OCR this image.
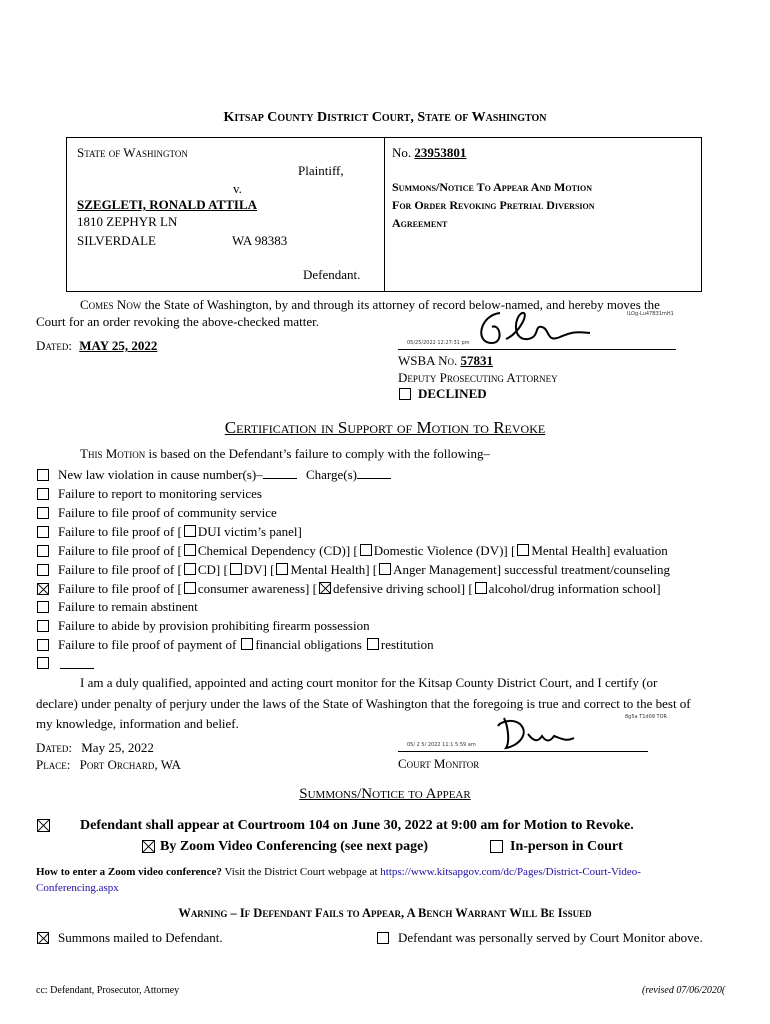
Kitsap County District Court, State of Washington
State of Washington
Plaintiff,
v.
SZEGLETI, RONALD ATTILA
1810 ZEPHYR LN
SILVERDALE	WA 98383
Defendant.
No. 23953801
Summons/Notice To Appear And Motion
For Order Revoking Pretrial Diversion
Agreement
Comes Now the State of Washington, by and through its attorney of record below-named, and hereby moves the
Court for an order revoking the above-checked matter.
Dated: MAY 25, 2022
ILOg-Lu47B31mH1
05/25/2022 12:27:31 pm
WSBA No. 57831
Deputy Prosecuting Attorney
DECLINED
Certification in Support of Motion to Revoke
This Motion is based on the Defendant’s failure to comply with the following–
New law violation in cause number(s)–	Charge(s)
Failure to report to monitoring services
Failure to file proof of community service
Failure to file proof of [ DUI victim’s panel]
Failure to file proof of [ Chemical Dependency (CD)] [ Domestic Violence (DV)] [ Mental Health] evaluation
Failure to file proof of [ CD] [ DV] [ Mental Health] [ Anger Management] successful treatment/counseling
Failure to file proof of [ consumer awareness] [ defensive driving school] [ alcohol/drug information school]
Failure to remain abstinent
Failure to abide by provision prohibiting firearm possession
Failure to file proof of payment of financial obligations restitution
I am a duly qualified, appointed and acting court monitor for the Kitsap County District Court, and I certify (or
declare) under penalty of perjury under the laws of the State of Washington that the foregoing is true and correct to the best of
my knowledge, information and belief.	8g5a T1d09 TOR
05/ 2 5/ 2022 11:1 5:59 am
Dated: May 25, 2022
Place: Port Orchard, WA	Court Monitor
Summons/Notice to Appear
Defendant shall appear at Courtroom 104 on June 30, 2022 at 9:00 am for Motion to Revoke.
By Zoom Video Conferencing (see next page)	In-person in Court
How to enter a Zoom video conference? Visit the District Court webpage at https://www.kitsapgov.com/dc/Pages/District-Court-Video-
Conferencing.aspx
Warning – If Defendant Fails to Appear, A Bench Warrant Will Be Issued
Summons mailed to Defendant.	Defendant was personally served by Court Monitor above.
cc: Defendant, Prosecutor, Attorney	(revised 07/06/2020(
